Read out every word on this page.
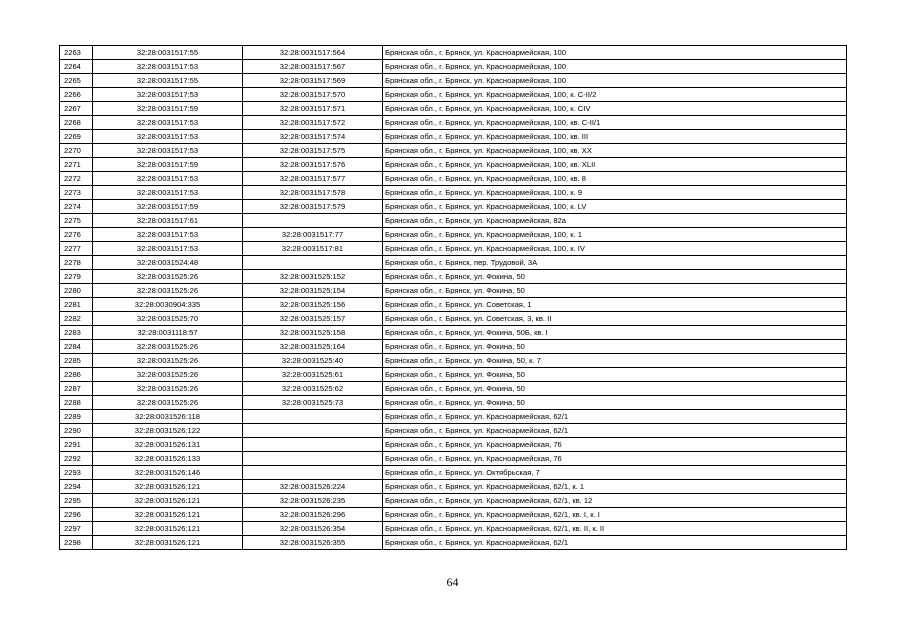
2263	32:28:0031517:55	32:28:0031517:564	Брянская обл., г. Брянск, ул. Красноармейская, 100
2264	32:28:0031517:53	32:28:0031517:567	Брянская обл., г. Брянск, ул. Красноармейская, 100
2265	32:28:0031517:55	32:28:0031517:569	Брянская обл., г. Брянск, ул. Красноармейская, 100
2266	32:28:0031517:53	32:28:0031517:570	Брянская обл., г. Брянск, ул. Красноармейская, 100, к. C-II/2
2267	32:28:0031517:59	32:28:0031517:571	Брянская обл., г. Брянск, ул. Красноармейская, 100, к. CIV
2268	32:28:0031517:53	32:28:0031517:572	Брянская обл., г. Брянск, ул. Красноармейская, 100, кв. C-II/1
2269	32:28:0031517:53	32:28:0031517:574	Брянская обл., г. Брянск, ул. Красноармейская, 100, кв. III
2270	32:28:0031517:53	32:28:0031517:575	Брянская обл., г. Брянск, ул. Красноармейская, 100, кв. XX
2271	32:28:0031517:59	32:28:0031517:576	Брянская обл., г. Брянск, ул. Красноармейская, 100, кв. XLII
2272	32:28:0031517:53	32:28:0031517:577	Брянская обл., г. Брянск, ул. Красноармейская, 100, кв. 8
2273	32:28:0031517:53	32:28:0031517:578	Брянская обл., г. Брянск, ул. Красноармейская, 100, к. 9
2274	32:28:0031517:59	32:28:0031517:579	Брянская обл., г. Брянск, ул. Красноармейская, 100, к. LV
2275	32:28:0031517:61		Брянская обл., г. Брянск, ул. Красноармейская, 82а
2276	32:28:0031517:53	32:28:0031517:77	Брянская обл., г. Брянск, ул. Красноармейская, 100, к. 1
2277	32:28:0031517:53	32:28:0031517:81	Брянская обл., г. Брянск, ул. Красноармейская, 100, к. IV
2278	32:28:0031524:48		Брянская обл., г. Брянск, пер. Трудовой, 3А
2279	32:28:0031525:26	32:28:0031525:152	Брянская обл., г. Брянск, ул. Фокина, 50
2280	32:28:0031525:26	32:28:0031525:154	Брянская обл., г. Брянск, ул. Фокина, 50
2281	32:28:0030904:335	32:28:0031525:156	Брянская обл., г. Брянск, ул. Советская, 1
2282	32:28:0031525:70	32:28:0031525:157	Брянская обл., г. Брянск, ул. Советская, 3, кв. II
2283	32:28:0031118:57	32:28:0031525:158	Брянская обл., г. Брянск, ул. Фокина, 50Б, кв. I
2284	32:28:0031525:26	32:28:0031525:164	Брянская обл., г. Брянск, ул. Фокина, 50
2285	32:28:0031525:26	32:28:0031525:40	Брянская обл., г. Брянск, ул. Фокина, 50, к. 7
2286	32:28:0031525:26	32:28:0031525:61	Брянская обл., г. Брянск, ул. Фокина, 50
2287	32:28:0031525:26	32:28:0031525:62	Брянская обл., г. Брянск, ул. Фокина, 50
2288	32:28:0031525:26	32:28:0031525:73	Брянская обл., г. Брянск, ул. Фокина, 50
2289	32:28:0031526:118		Брянская обл., г. Брянск, ул. Красноармейская, 62/1
2290	32:28:0031526:122		Брянская обл., г. Брянск, ул. Красноармейская, 62/1
2291	32:28:0031526:131		Брянская обл., г. Брянск, ул. Красноармейская, 76
2292	32:28:0031526:133		Брянская обл., г. Брянск, ул. Красноармейская, 76
2293	32:28:0031526:146		Брянская обл., г. Брянск, ул. Октябрьская, 7
2294	32:28:0031526:121	32:28:0031526:224	Брянская обл., г. Брянск, ул. Красноармейская, 62/1, к. 1
2295	32:28:0031526:121	32:28:0031526:235	Брянская обл., г. Брянск, ул. Красноармейская, 62/1, кв. 12
2296	32:28:0031526:121	32:28:0031526:296	Брянская обл., г. Брянск, ул. Красноармейская, 62/1, кв. I, к. I
2297	32:28:0031526:121	32:28:0031526:354	Брянская обл., г. Брянск, ул. Красноармейская, 62/1, кв. II, к. II
2298	32:28:0031526:121	32:28:0031526:355	Брянская обл., г. Брянск, ул. Красноармейская, 62/1
64
